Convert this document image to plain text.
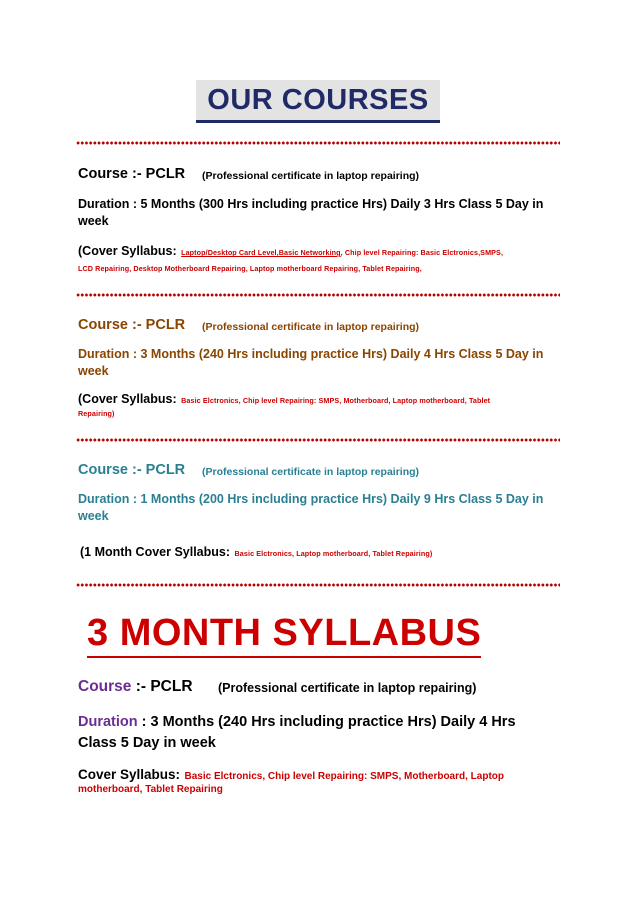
OUR COURSES
Course :- PCLR (Professional certificate in laptop repairing)
Duration : 5 Months (300 Hrs including practice Hrs) Daily 3 Hrs Class 5 Day in week
(Cover Syllabus: Laptop/Desktop Card Level,Basic Networking, Chip level Repairing: Basic Elctronics,SMPS,
LCD Repairing, Desktop Motherboard Repairing, Laptop motherboard Repairing, Tablet Repairing,
Course :- PCLR (Professional certificate in laptop repairing)
Duration : 3 Months (240 Hrs including practice Hrs) Daily 4 Hrs Class 5 Day in week
(Cover Syllabus: Basic Elctronics, Chip level Repairing: SMPS, Motherboard, Laptop motherboard, Tablet
Repairing)
Course :- PCLR (Professional certificate in laptop repairing)
Duration : 1 Months (200 Hrs including practice Hrs) Daily 9 Hrs Class 5 Day in week
(1 Month Cover Syllabus: Basic Elctronics, Laptop motherboard, Tablet Repairing)
3 MONTH SYLLABUS
Course :- PCLR (Professional certificate in laptop repairing)
Duration : 3 Months (240 Hrs including practice Hrs) Daily 4 Hrs Class 5 Day in week
Cover Syllabus: Basic Elctronics, Chip level Repairing: SMPS, Motherboard, Laptop
motherboard, Tablet Repairing
